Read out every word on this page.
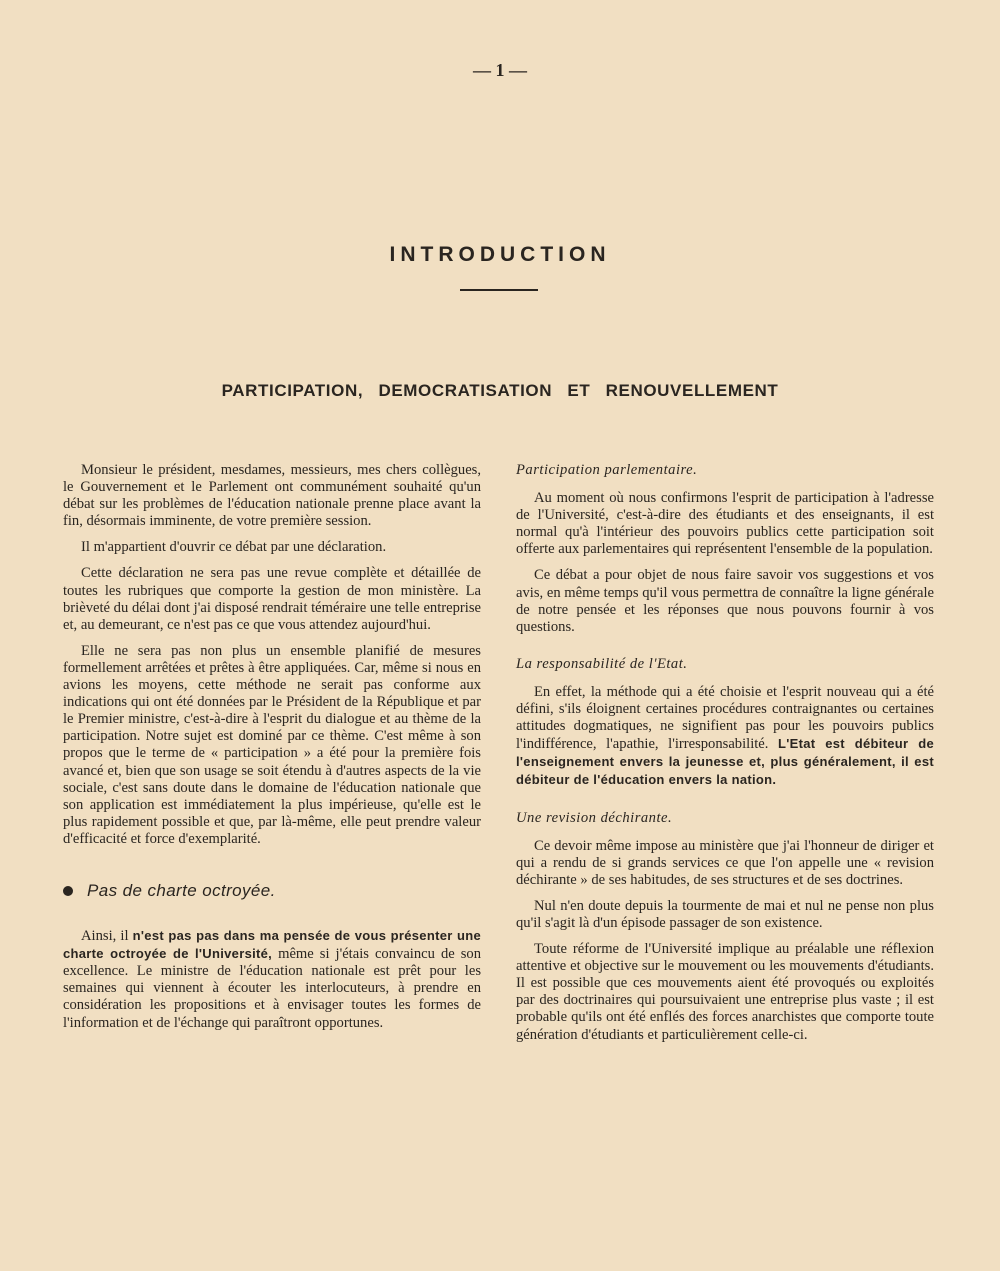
— 1 —
INTRODUCTION
PARTICIPATION, DEMOCRATISATION ET RENOUVELLEMENT

Monsieur le président, mesdames, messieurs, mes chers collègues, le Gouvernement et le Parlement ont communément souhaité qu'un débat sur les problèmes de l'éducation nationale prenne place avant la fin, désormais imminente, de votre première session.

Il m'appartient d'ouvrir ce débat par une déclaration.

Cette déclaration ne sera pas une revue complète et détaillée de toutes les rubriques que comporte la gestion de mon ministère. La brièveté du délai dont j'ai disposé rendrait téméraire une telle entreprise et, au demeurant, ce n'est pas ce que vous attendez aujourd'hui.

Elle ne sera pas non plus un ensemble planifié de mesures formellement arrêtées et prêtes à être appliquées. Car, même si nous en avions les moyens, cette méthode ne serait pas conforme aux indications qui ont été données par le Président de la République et par le Premier ministre, c'est-à-dire à l'esprit du dialogue et au thème de la participation. Notre sujet est dominé par ce thème. C'est même à son propos que le terme de « participation » a été pour la première fois avancé et, bien que son usage se soit étendu à d'autres aspects de la vie sociale, c'est sans doute dans le domaine de l'éducation nationale que son application est immédiatement la plus impérieuse, qu'elle est le plus rapidement possible et que, par là-même, elle peut prendre valeur d'efficacité et force d'exemplarité.

Pas de charte octroyée.

Ainsi, il n'est pas pas dans ma pensée de vous présenter une charte octroyée de l'Université, même si j'étais convaincu de son excellence. Le ministre de l'éducation nationale est prêt pour les semaines qui viennent à écouter les interlocuteurs, à prendre en considération les propositions et à envisager toutes les formes de l'information et de l'échange qui paraîtront opportunes.

Participation parlementaire.

Au moment où nous confirmons l'esprit de participation à l'adresse de l'Université, c'est-à-dire des étudiants et des enseignants, il est normal qu'à l'intérieur des pouvoirs publics cette participation soit offerte aux parlementaires qui représentent l'ensemble de la population.

Ce débat a pour objet de nous faire savoir vos suggestions et vos avis, en même temps qu'il vous permettra de connaître la ligne générale de notre pensée et les réponses que nous pouvons fournir à vos questions.

La responsabilité de l'Etat.

En effet, la méthode qui a été choisie et l'esprit nouveau qui a été défini, s'ils éloignent certaines procédures contraignantes ou certaines attitudes dogmatiques, ne signifient pas pour les pouvoirs publics l'indifférence, l'apathie, l'irresponsabilité. L'Etat est débiteur de l'enseignement envers la jeunesse et, plus généralement, il est débiteur de l'éducation envers la nation.

Une revision déchirante.

Ce devoir même impose au ministère que j'ai l'honneur de diriger et qui a rendu de si grands services ce que l'on appelle une « revision déchirante » de ses habitudes, de ses structures et de ses doctrines.

Nul n'en doute depuis la tourmente de mai et nul ne pense non plus qu'il s'agit là d'un épisode passager de son existence.

Toute réforme de l'Université implique au préalable une réflexion attentive et objective sur le mouvement ou les mouvements d'étudiants. Il est possible que ces mouvements aient été provoqués ou exploités par des doctrinaires qui poursuivaient une entreprise plus vaste ; il est probable qu'ils ont été enflés des forces anarchistes que comporte toute génération d'étudiants et particulièrement celle-ci.
